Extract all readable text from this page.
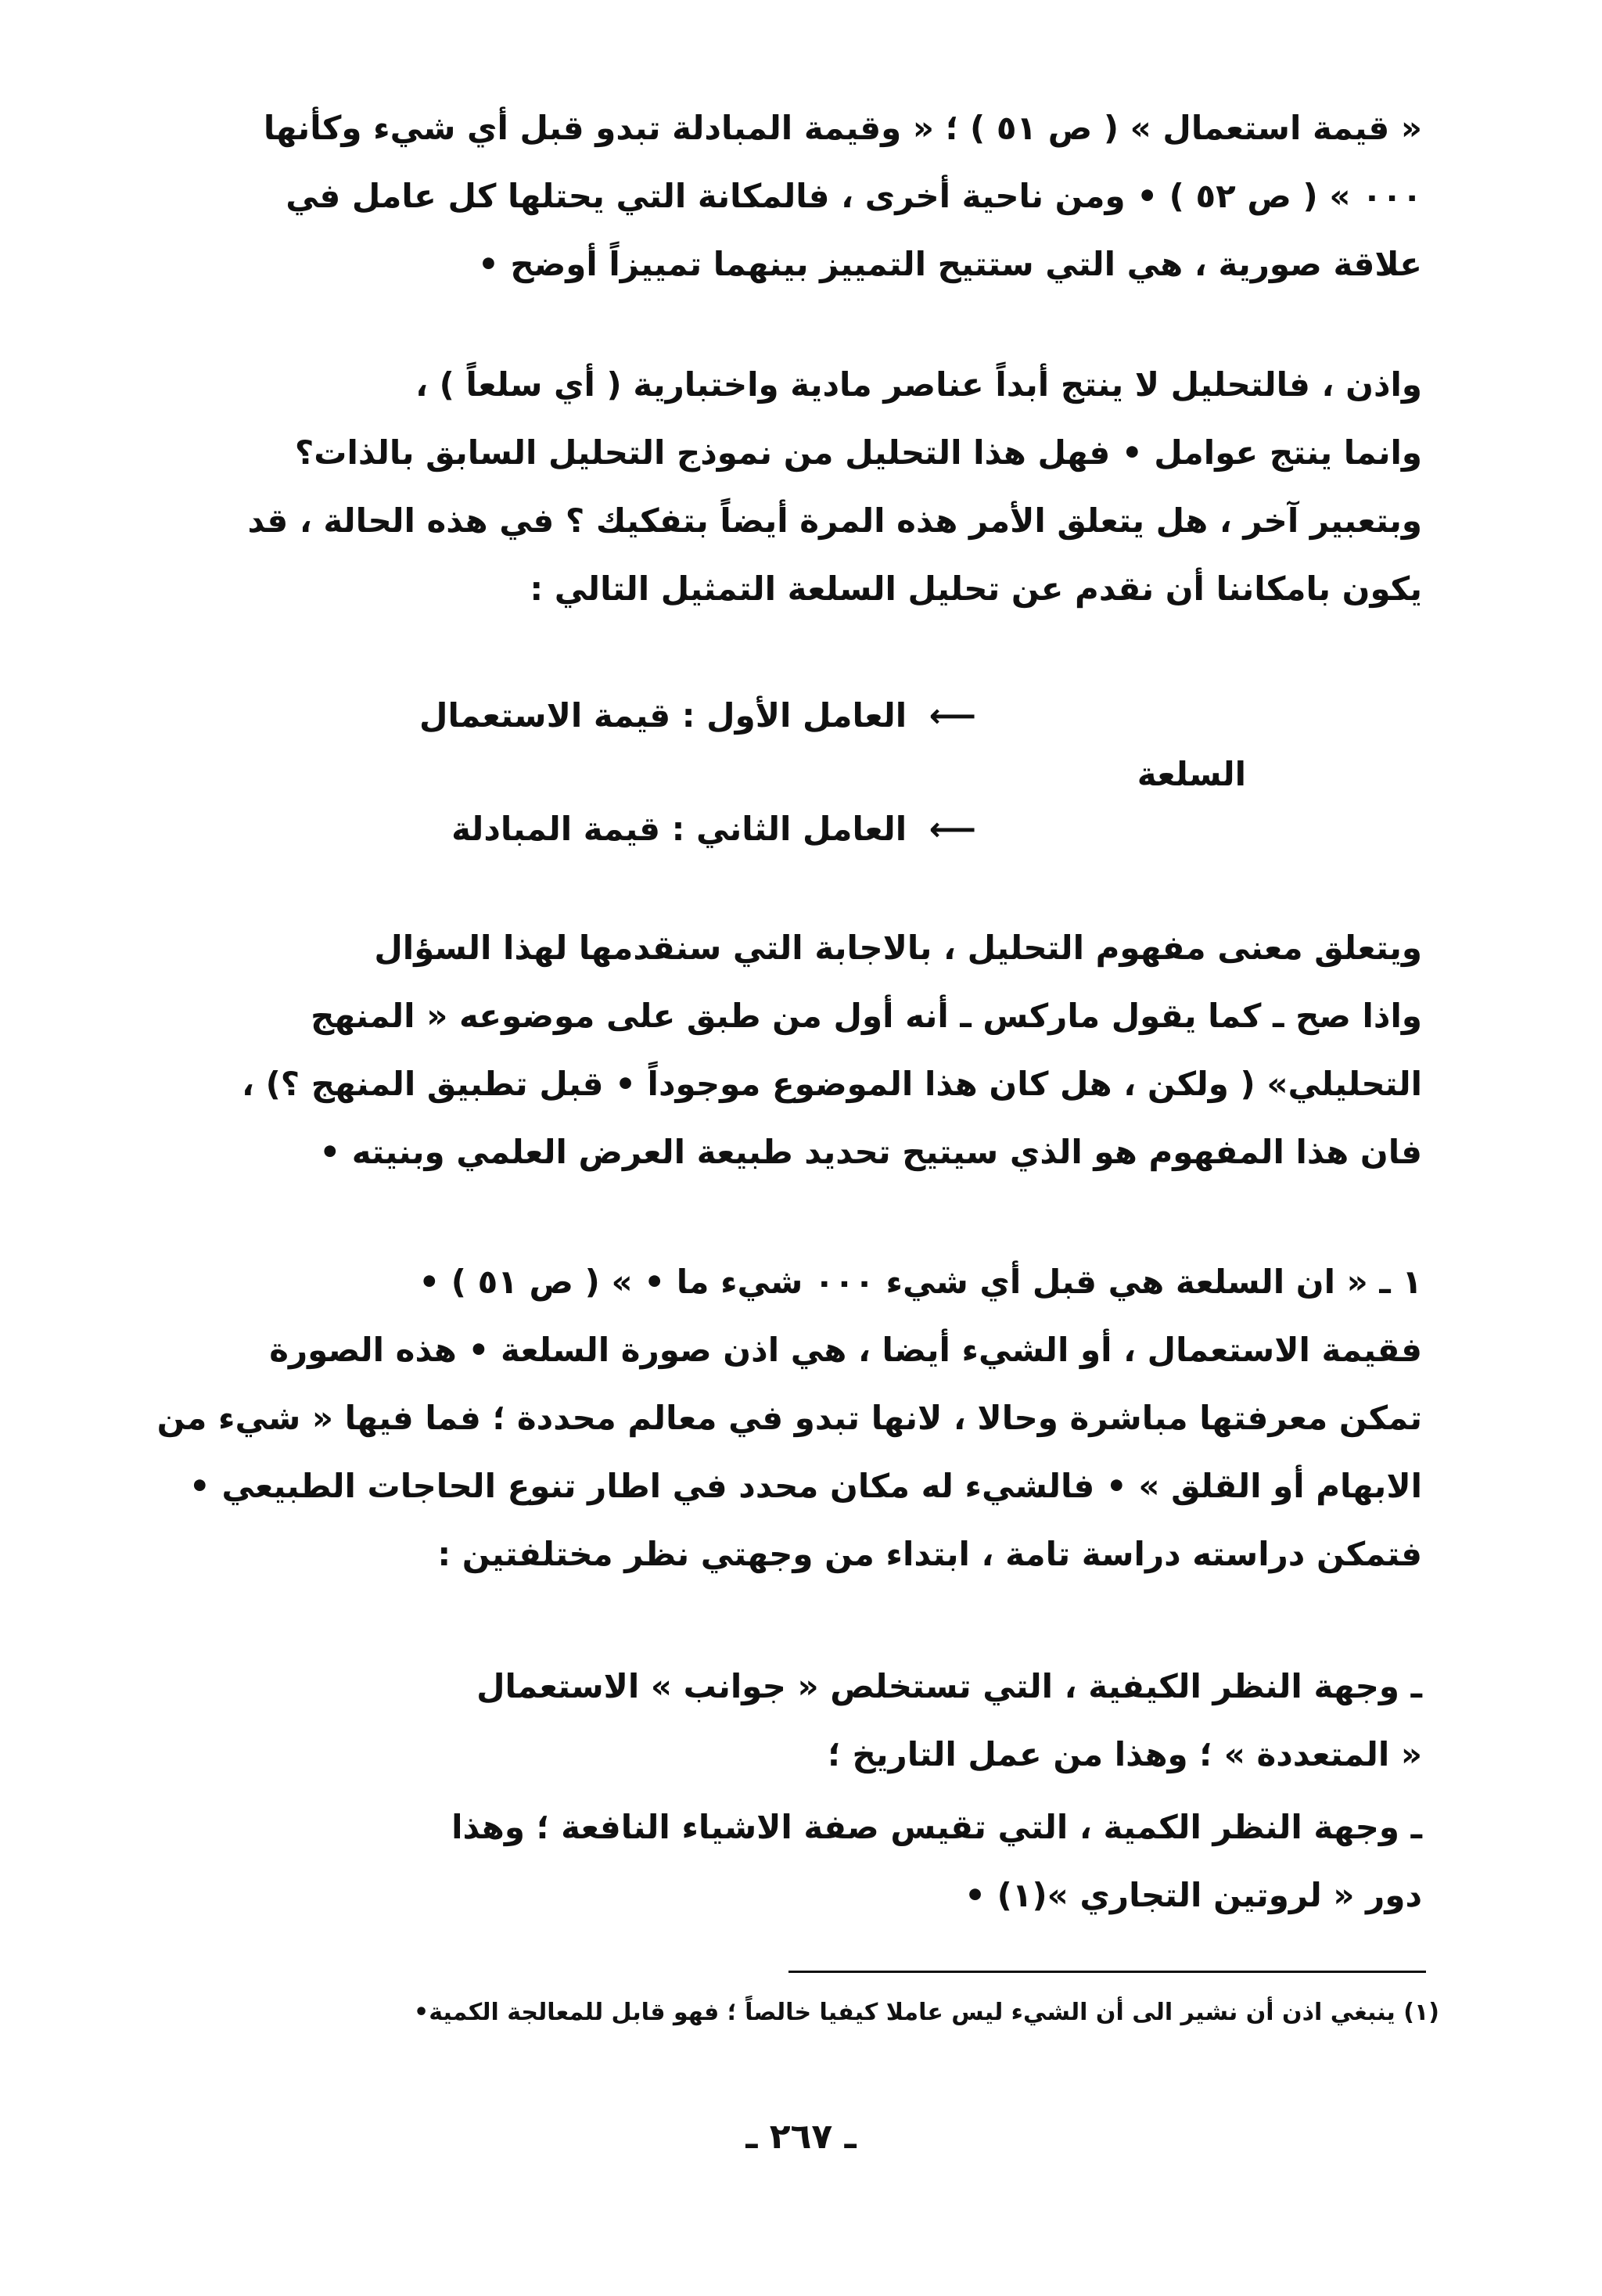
« قيمة استعمال » ( ص ٥١ ) ؛ « وقيمة المبادلة تبدو قبل أي شيء وكأنها
٠٠٠ » ( ص ٥٢ ) • ومن ناحية أخرى ، فالمكانة التي يحتلها كل عامل في
علاقة صورية ، هي التي ستتيح التمييز بينهما تمييزاً أوضح •
واذن ، فالتحليل لا ينتج أبداً عناصر مادية واختبارية ( أي سلعاً ) ،
وانما ينتج عوامل • فهل هذا التحليل من نموذج التحليل السابق بالذات؟
وبتعبير آخر ، هل يتعلق الأمر هذه المرة أيضاً بتفكيك ؟ في هذه الحالة ، قد
يكون بامكاننا أن نقدم عن تحليل السلعة التمثيل التالي :
⟵ العامل الأول : قيمة الاستعمال
السلعة
⟵ العامل الثاني : قيمة المبادلة
ويتعلق معنى مفهوم التحليل ، بالاجابة التي سنقدمها لهذا السؤال
واذا صح ـ كما يقول ماركس ـ أنه أول من طبق على موضوعه « المنهج
التحليلي» ( ولكن ، هل كان هذا الموضوع موجوداً • قبل تطبيق المنهج ؟) ،
فان هذا المفهوم هو الذي سيتيح تحديد طبيعة العرض العلمي وبنيته •
١ ـ « ان السلعة هي قبل أي شيء ٠٠٠ شيء ما • » ( ص ٥١ ) •
فقيمة الاستعمال ، أو الشيء أيضا ، هي اذن صورة السلعة • هذه الصورة
تمكن معرفتها مباشرة وحالا ، لانها تبدو في معالم محددة ؛ فما فيها « شيء من
الابهام أو القلق » • فالشيء له مكان محدد في اطار تنوع الحاجات الطبيعي •
فتمكن دراسته دراسة تامة ، ابتداء من وجهتي نظر مختلفتين :
ـ وجهة النظر الكيفية ، التي تستخلص « جوانب » الاستعمال
« المتعددة » ؛ وهذا من عمل التاريخ ؛
ـ وجهة النظر الكمية ، التي تقيس صفة الاشياء النافعة ؛ وهذا
دور « لروتين التجاري »(١) •
(١) ينبغي اذن أن نشير الى أن الشيء ليس عاملا كيفيا خالصاً ؛ فهو قابل للمعالجة الكمية•
ـ ٢٦٧ ـ
